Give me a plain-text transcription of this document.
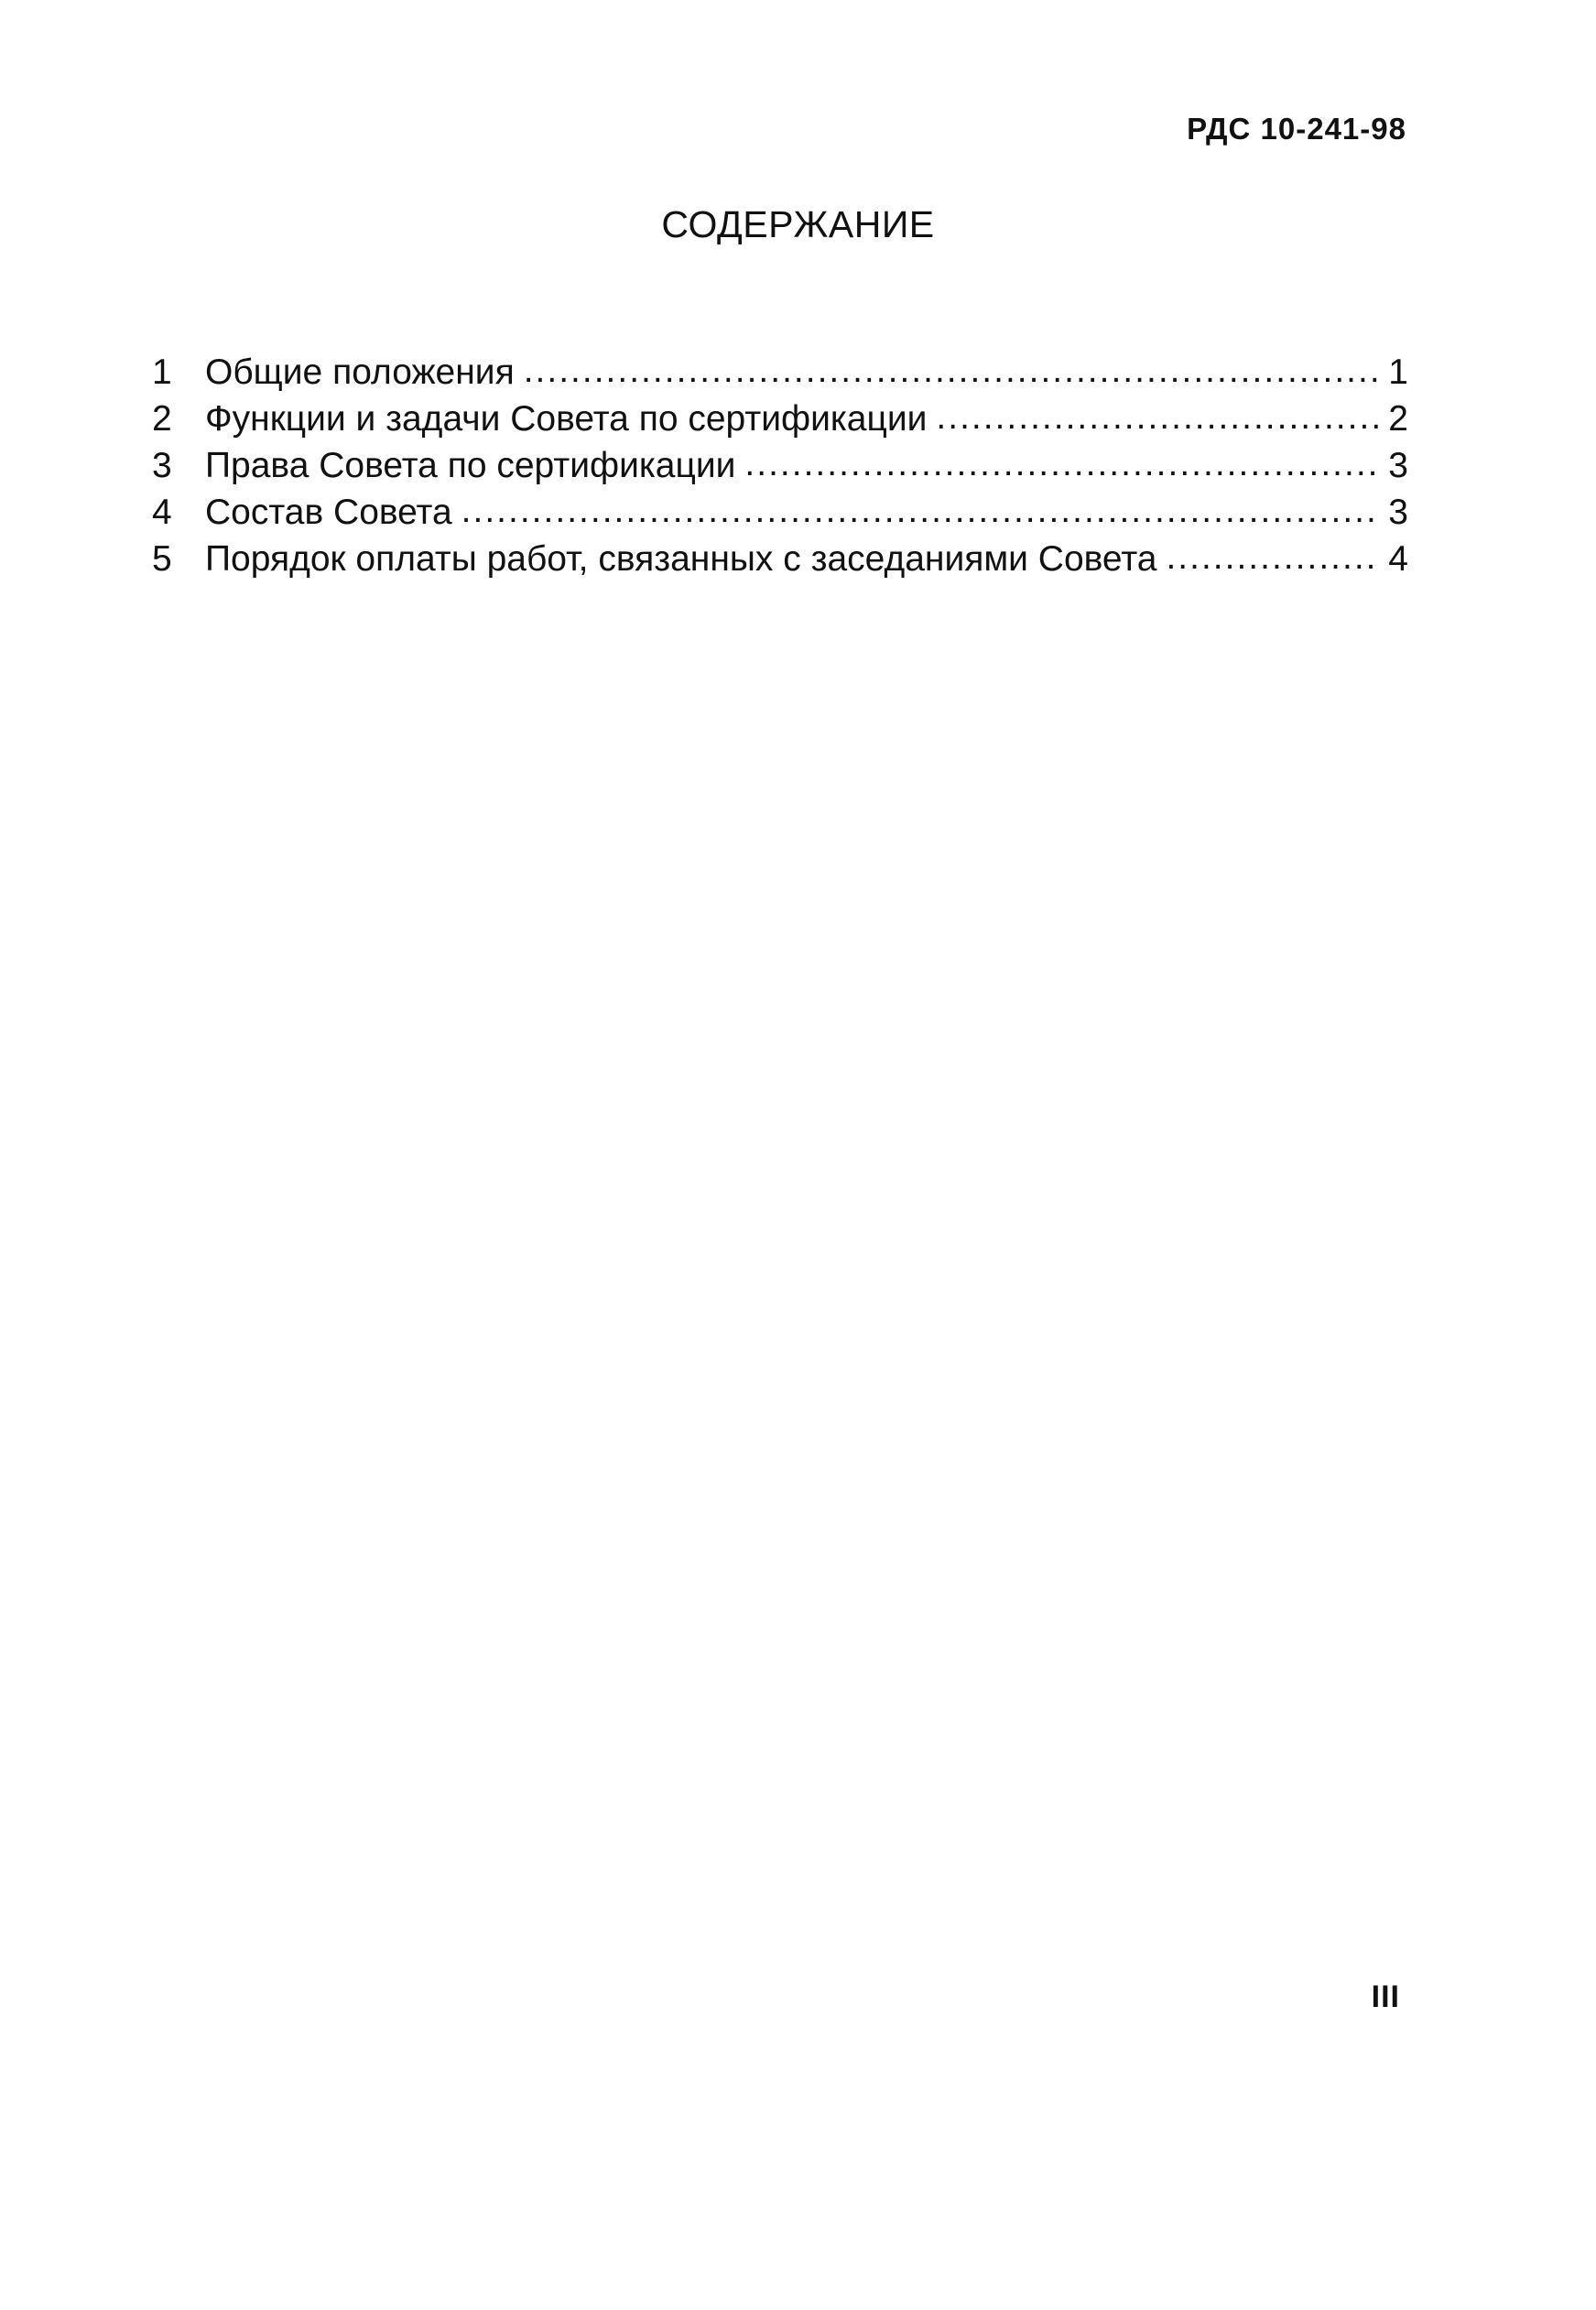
РДС 10-241-98
СОДЕРЖАНИЕ
1 Общие положения .....	1
2 Функции и задачи Совета по сертификации .....	2
3 Права Совета по сертификации .....	3
4 Состав Совета .....	3
5 Порядок оплаты работ, связанных с заседаниями Совета .....	4
III
